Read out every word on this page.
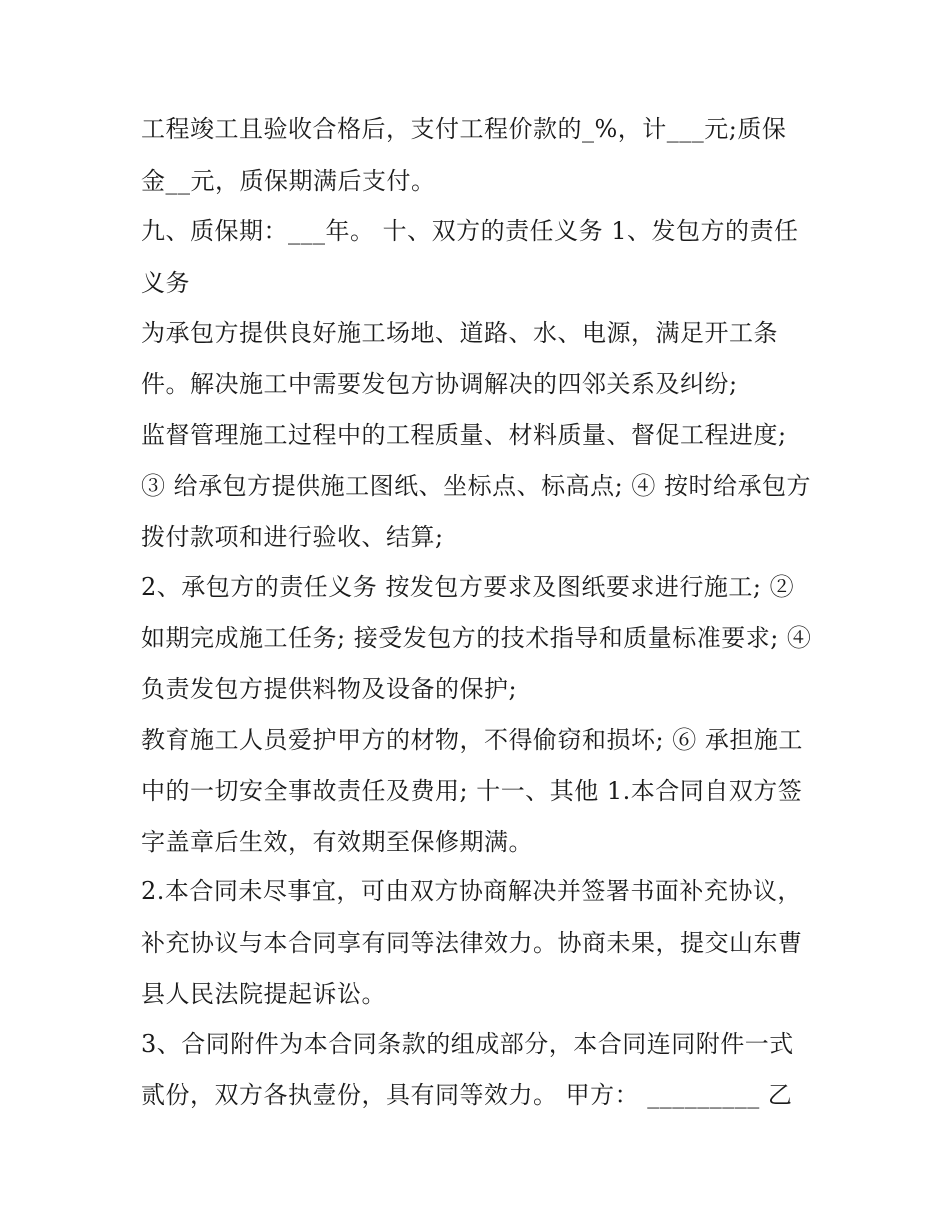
工程竣工且验收合格后，支付工程价款的_%，计___元;质保

金__元，质保期满后支付。

九、质保期：___年。 十、双方的责任义务 1、发包方的责任

义务

为承包方提供良好施工场地、道路、水、电源，满足开工条

件。解决施工中需要发包方协调解决的四邻关系及纠纷;

监督管理施工过程中的工程质量、材料质量、督促工程进度;

③ 给承包方提供施工图纸、坐标点、标高点; ④ 按时给承包方

拨付款项和进行验收、结算;

2、承包方的责任义务 按发包方要求及图纸要求进行施工; ②

如期完成施工任务; 接受发包方的技术指导和质量标准要求; ④

负责发包方提供料物及设备的保护;

教育施工人员爱护甲方的材物，不得偷窃和损坏; ⑥ 承担施工

中的一切安全事故责任及费用; 十一、其他 1.本合同自双方签

字盖章后生效，有效期至保修期满。

2.本合同未尽事宜，可由双方协商解决并签署书面补充协议，

补充协议与本合同享有同等法律效力。协商未果，提交山东曹

县人民法院提起诉讼。

3、合同附件为本合同条款的组成部分，本合同连同附件一式

贰份，双方各执壹份，具有同等效力。 甲方： _________ 乙
